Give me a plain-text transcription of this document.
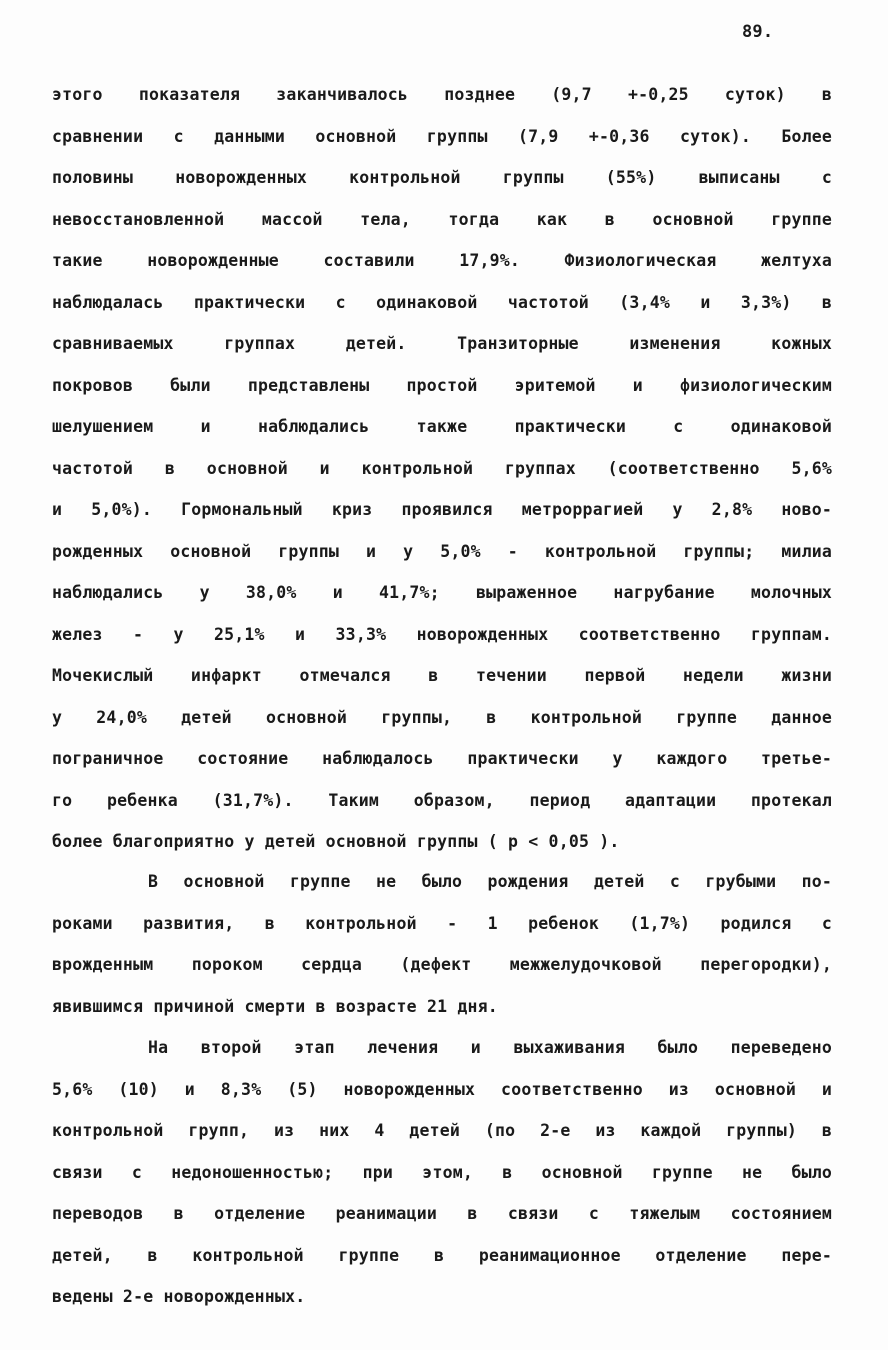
89.
этого показателя заканчивалось позднее (9,7 +-0,25 суток) в
сравнении с данными основной группы (7,9 +-0,36 суток). Более
половины новорожденных контрольной группы (55%) выписаны с
невосстановленной массой тела, тогда как в основной группе
такие новорожденные составили 17,9%. Физиологическая желтуха
наблюдалась практически с одинаковой частотой (3,4% и 3,3%) в
сравниваемых группах детей. Транзиторные изменения кожных
покровов были представлены простой эритемой и физиологическим
шелушением и наблюдались также практически с одинаковой
частотой в основной и контрольной группах (соответственно 5,6%
и 5,0%). Гормональный криз проявился метроррагией у 2,8% ново-
рожденных основной группы и у 5,0% - контрольной группы; милиа
наблюдались у 38,0% и 41,7%; выраженное нагрубание молочных
желез - у 25,1% и 33,3% новорожденных соответственно группам.
Мочекислый инфаркт отмечался в течении первой недели жизни
у 24,0% детей основной группы, в контрольной группе данное
пограничное состояние наблюдалось практически у каждого третье-
го ребенка (31,7%). Таким образом, период адаптации протекал
более благоприятно у детей основной группы ( p < 0,05 ).
В основной группе не было рождения детей с грубыми по-
роками развития, в контрольной - 1 ребенок (1,7%) родился с
врожденным пороком сердца (дефект межжелудочковой перегородки),
явившимся причиной смерти в возрасте 21 дня.
На второй этап лечения и выхаживания было переведено
5,6% (10) и 8,3% (5) новорожденных соответственно из основной и
контрольной групп, из них 4 детей (по 2-е из каждой группы) в
связи с недоношенностью; при этом, в основной группе не было
переводов в отделение реанимации в связи с тяжелым состоянием
детей, в контрольной группе в реанимационное отделение пере-
ведены 2-е новорожденных.
